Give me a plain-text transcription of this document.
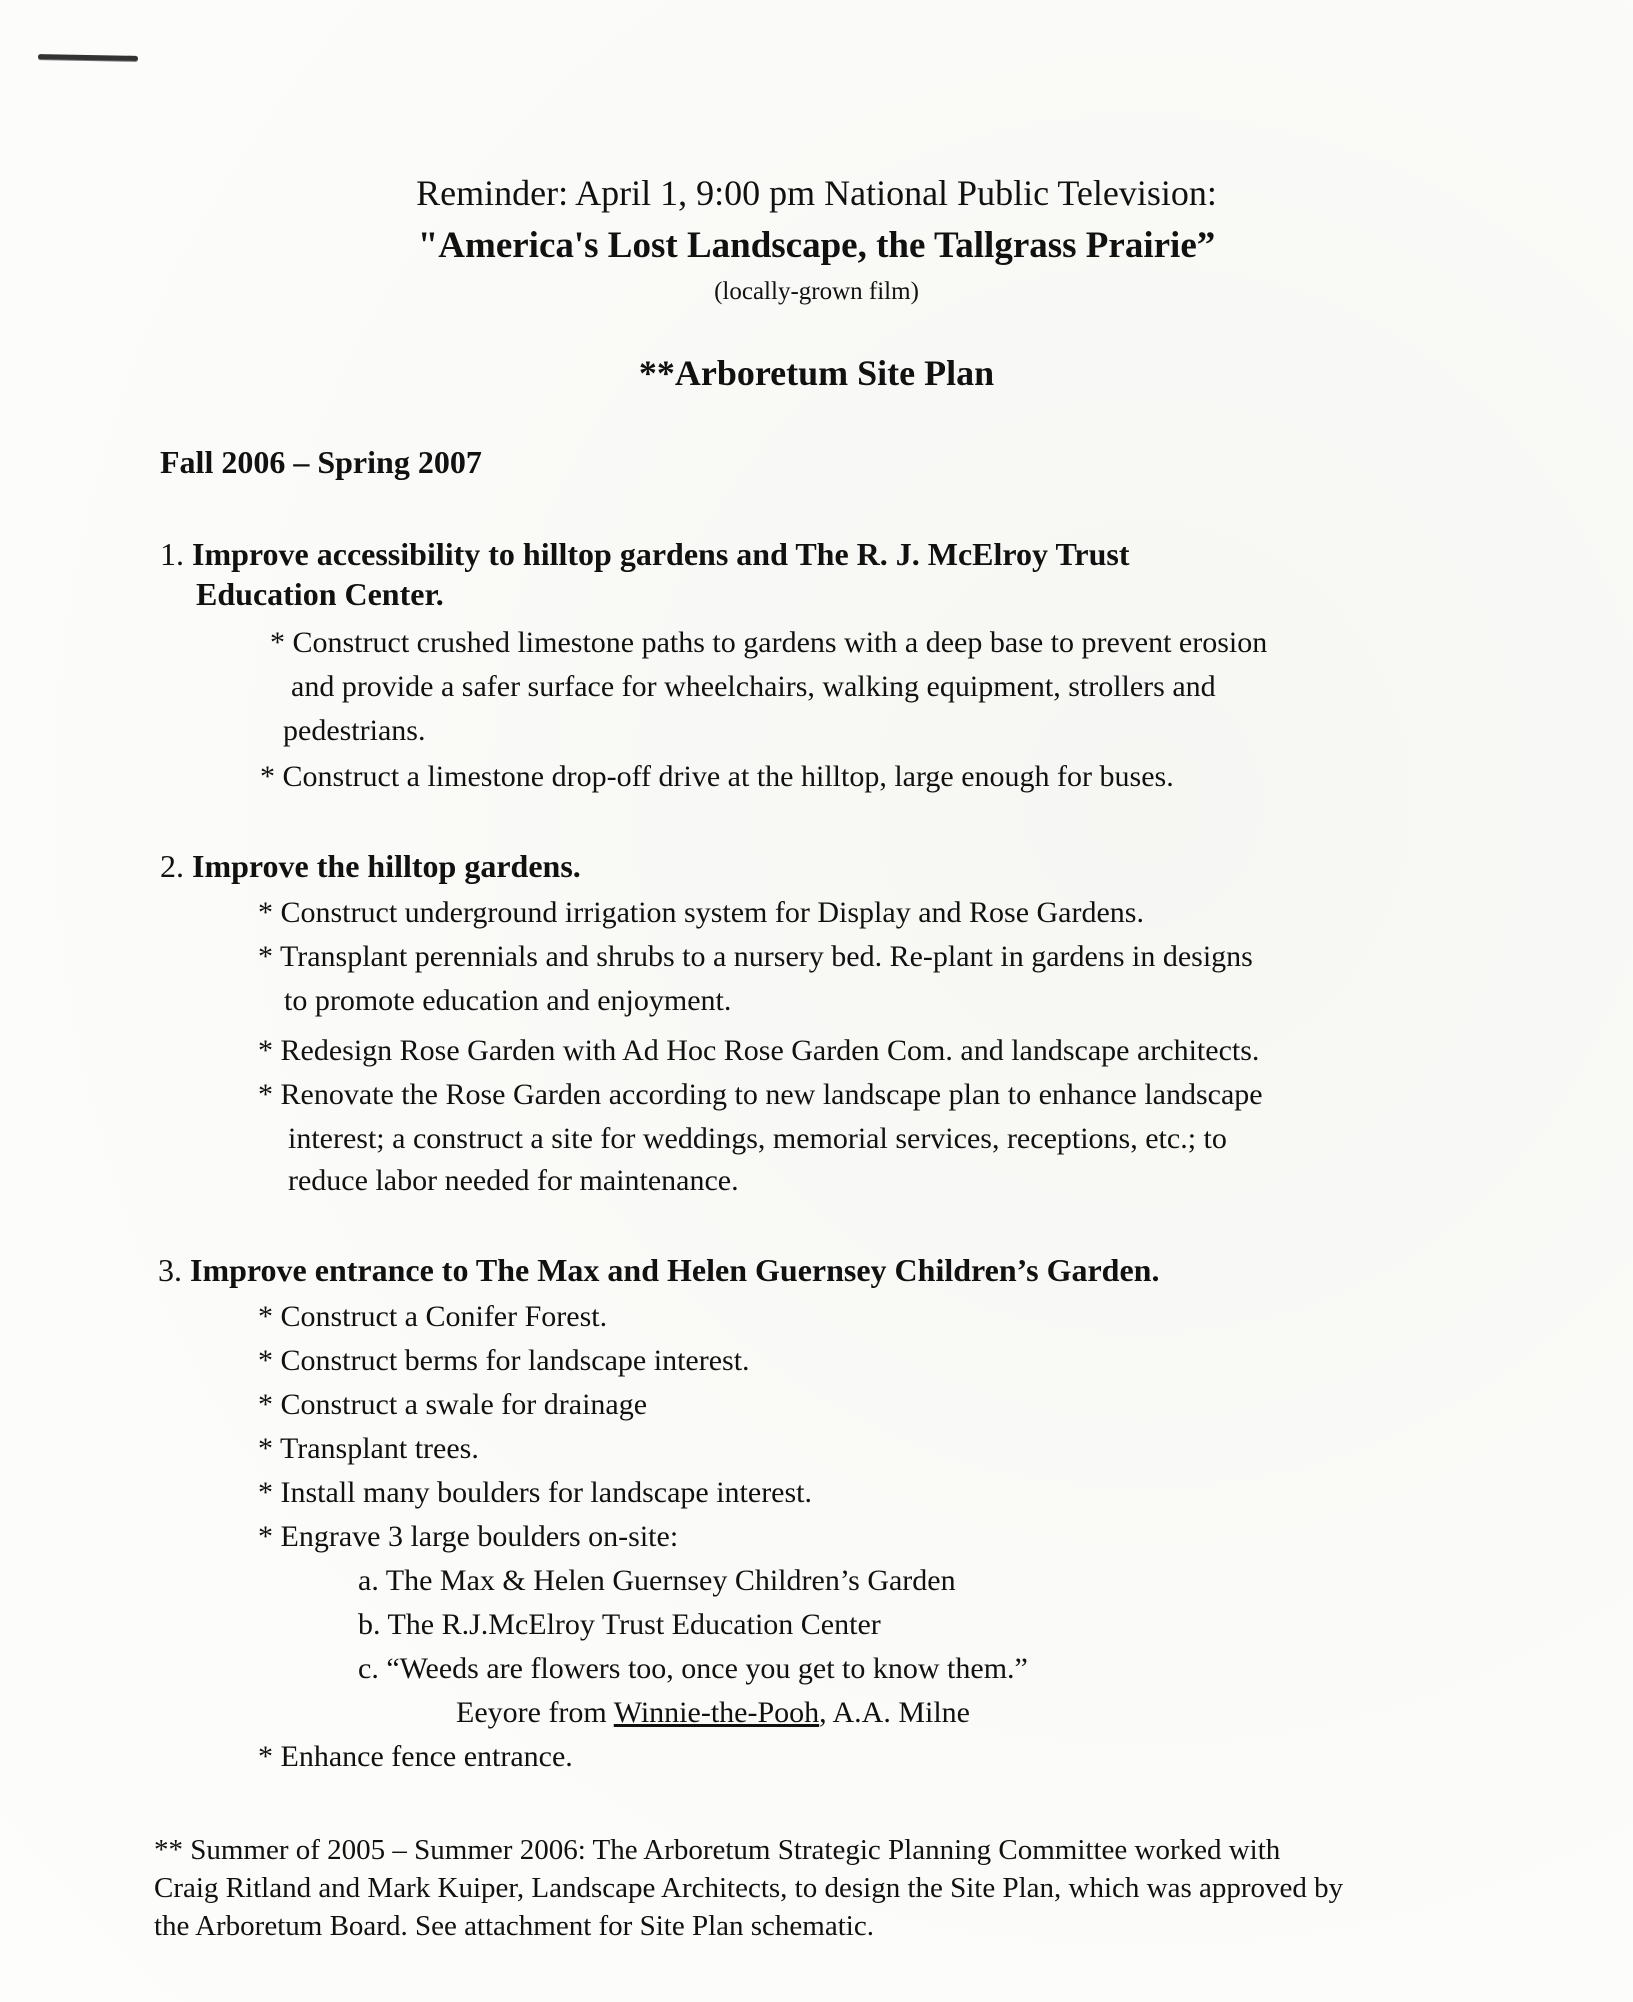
Reminder: April 1, 9:00 pm National Public Television:
"America's Lost Landscape, the Tallgrass Prairie”
(locally-grown film)
**Arboretum Site Plan
Fall 2006 – Spring 2007
1. Improve accessibility to hilltop gardens and The R. J. McElroy Trust
Education Center.
* Construct crushed limestone paths to gardens with a deep base to prevent erosion
and provide a safer surface for wheelchairs, walking equipment, strollers and
pedestrians.
* Construct a limestone drop-off drive at the hilltop, large enough for buses.
2. Improve the hilltop gardens.
* Construct underground irrigation system for Display and Rose Gardens.
* Transplant perennials and shrubs to a nursery bed. Re-plant in gardens in designs
to promote education and enjoyment.
* Redesign Rose Garden with Ad Hoc Rose Garden Com. and landscape architects.
* Renovate the Rose Garden according to new landscape plan to enhance landscape
interest; a construct a site for weddings, memorial services, receptions, etc.; to
reduce labor needed for maintenance.
3. Improve entrance to The Max and Helen Guernsey Children’s Garden.
* Construct a Conifer Forest.
* Construct berms for landscape interest.
* Construct a swale for drainage
* Transplant trees.
* Install many boulders for landscape interest.
* Engrave 3 large boulders on-site:
a. The Max & Helen Guernsey Children’s Garden
b. The R.J.McElroy Trust Education Center
c. “Weeds are flowers too, once you get to know them.”
Eeyore from Winnie-the-Pooh, A.A. Milne
* Enhance fence entrance.
** Summer of 2005 – Summer 2006: The Arboretum Strategic Planning Committee worked with
Craig Ritland and Mark Kuiper, Landscape Architects, to design the Site Plan, which was approved by
the Arboretum Board. See attachment for Site Plan schematic.
